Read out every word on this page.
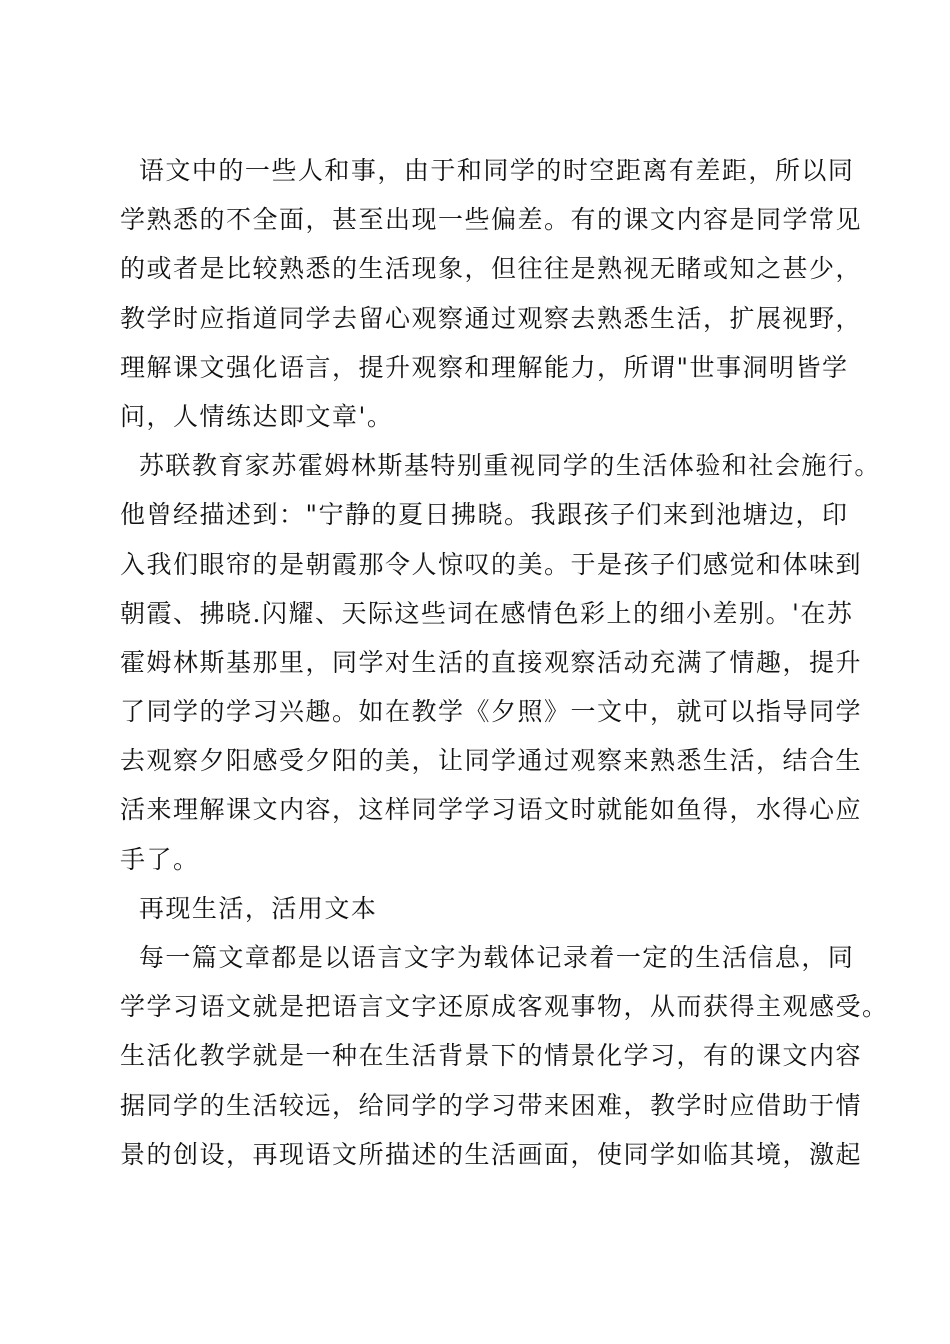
语文中的一些人和事，由于和同学的时空距离有差距，所以同
学熟悉的不全面，甚至出现一些偏差。有的课文内容是同学常见
的或者是比较熟悉的生活现象，但往往是熟视无睹或知之甚少，
教学时应指道同学去留心观察通过观察去熟悉生活，扩展视野，
理解课文强化语言，提升观察和理解能力，所谓"世事洞明皆学
问，人情练达即文章'。
苏联教育家苏霍姆林斯基特别重视同学的生活体验和社会施行。
他曾经描述到："宁静的夏日拂晓。我跟孩子们来到池塘边，印
入我们眼帘的是朝霞那令人惊叹的美。于是孩子们感觉和体味到
朝霞、拂晓.闪耀、天际这些词在感情色彩上的细小差别。'在苏
霍姆林斯基那里，同学对生活的直接观察活动充满了情趣，提升
了同学的学习兴趣。如在教学《夕照》一文中，就可以指导同学
去观察夕阳感受夕阳的美，让同学通过观察来熟悉生活，结合生
活来理解课文内容，这样同学学习语文时就能如鱼得，水得心应
手了。
再现生活，活用文本
每一篇文章都是以语言文字为载体记录着一定的生活信息，同
学学习语文就是把语言文字还原成客观事物，从而获得主观感受。
生活化教学就是一种在生活背景下的情景化学习，有的课文内容
据同学的生活较远，给同学的学习带来困难，教学时应借助于情
景的创设，再现语文所描述的生活画面，使同学如临其境，激起
